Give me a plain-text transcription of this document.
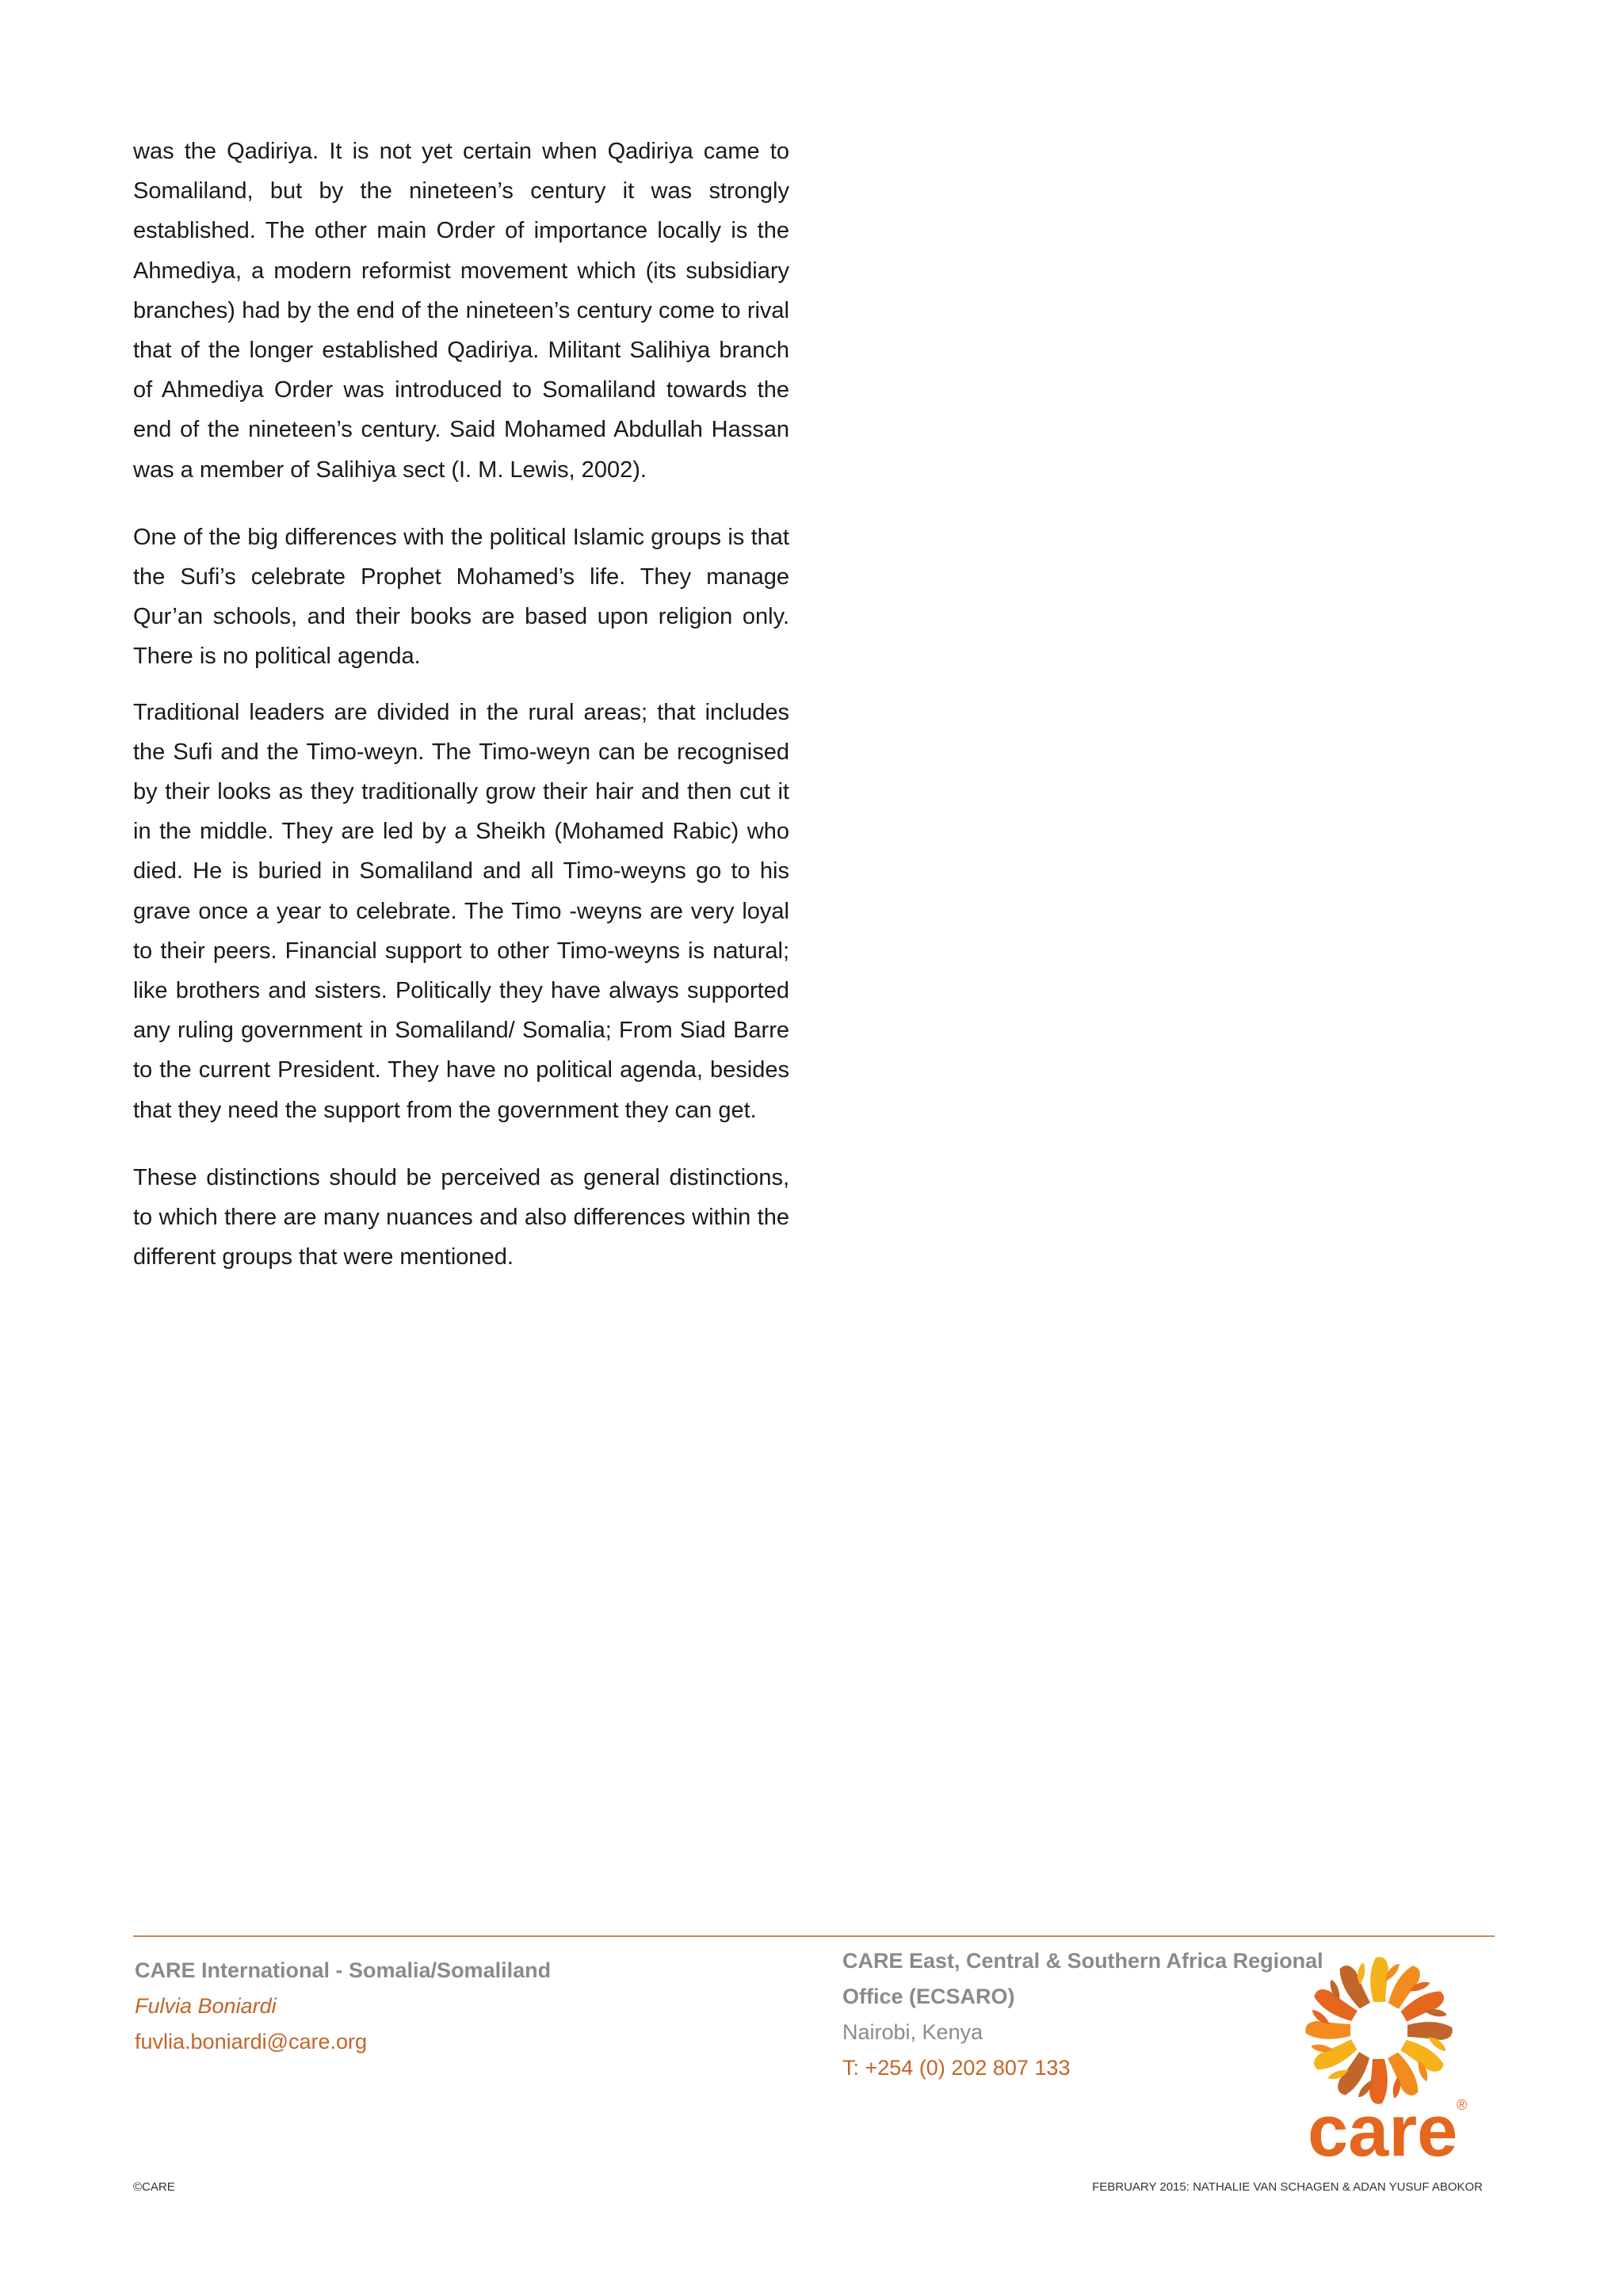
was the Qadiriya. It is not yet certain when Qadiriya came to Somaliland, but by the nineteen’s century it was strongly established. The other main Order of importance locally is the Ahmediya, a modern reformist movement which (its subsidiary branches) had by the end of the nineteen’s century come to rival that of the longer established Qadiriya. Militant Salihiya branch of Ahmediya Order was introduced to Somaliland towards the end of the nineteen’s century. Said Mohamed Abdullah Hassan was a member of Salihiya sect (I. M. Lewis, 2002).

One of the big differences with the political Islamic groups is that the Sufi’s celebrate Prophet Mohamed’s life. They manage Qur’an schools, and their books are based upon religion only. There is no political agenda.

Traditional leaders are divided in the rural areas; that includes the Sufi and the Timo-weyn. The Timo-weyn can be recognised by their looks as they traditionally grow their hair and then cut it in the middle. They are led by a Sheikh (Mohamed Rabic) who died. He is buried in Somaliland and all Timo-weyns go to his grave once a year to celebrate. The Timo -weyns are very loyal to their peers. Financial support to other Timo-weyns is natural; like brothers and sisters. Politically they have always supported any ruling government in Somaliland/ Somalia; From Siad Barre to the current President. They have no political agenda, besides that they need the support from the government they can get.

These distinctions should be perceived as general distinctions, to which there are many nuances and also differences within the different groups that were mentioned.

CARE International - Somalia/Somaliland
Fulvia Boniardi
fuvlia.boniardi@care.org
CARE East, Central & Southern Africa Regional
Office (ECSARO)
Nairobi, Kenya
T: +254 (0) 202 807 133
care
®
©CARE	FEBRUARY 2015: NATHALIE VAN SCHAGEN & ADAN YUSUF ABOKOR
